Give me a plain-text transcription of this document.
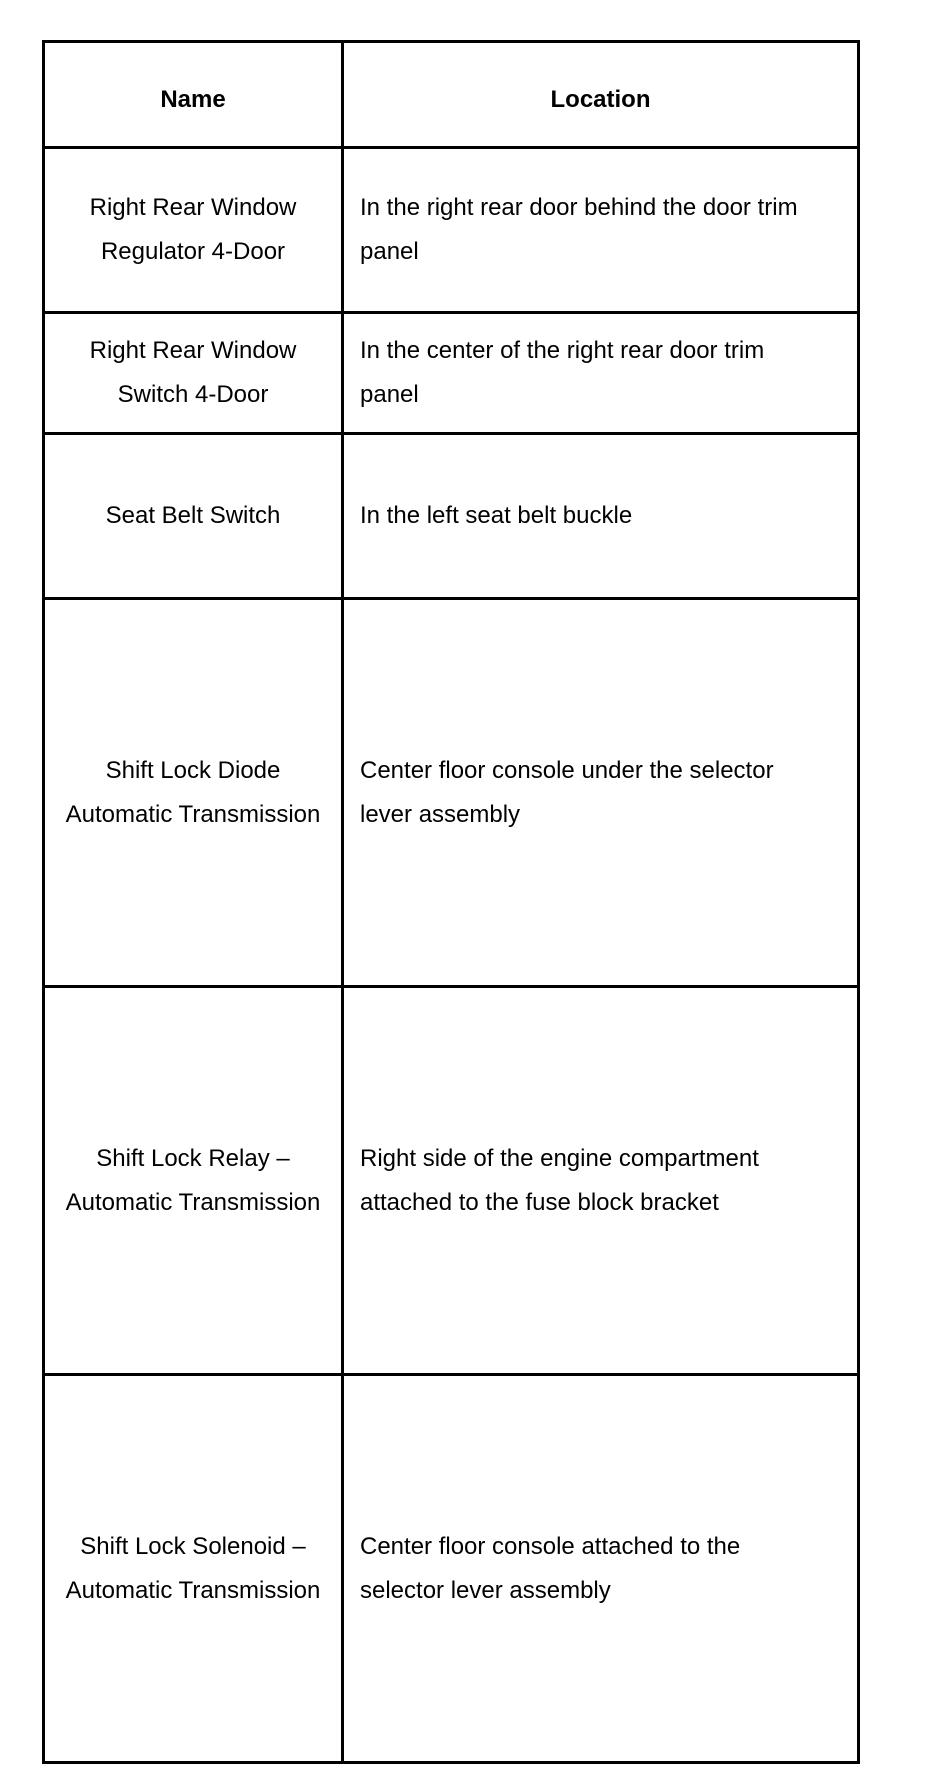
Name	Location

Right Rear Window Regulator 4-Door	In the right rear door behind the door trim panel

Right Rear Window Switch 4-Door	In the center of the right rear door trim panel

Seat Belt Switch	In the left seat belt buckle

Shift Lock Diode Automatic Transmission	Center floor console under the selector lever assembly

Shift Lock Relay – Automatic Transmission	Right side of the engine compartment attached to the fuse block bracket

Shift Lock Solenoid – Automatic Transmission	Center floor console attached to the selector lever assembly
